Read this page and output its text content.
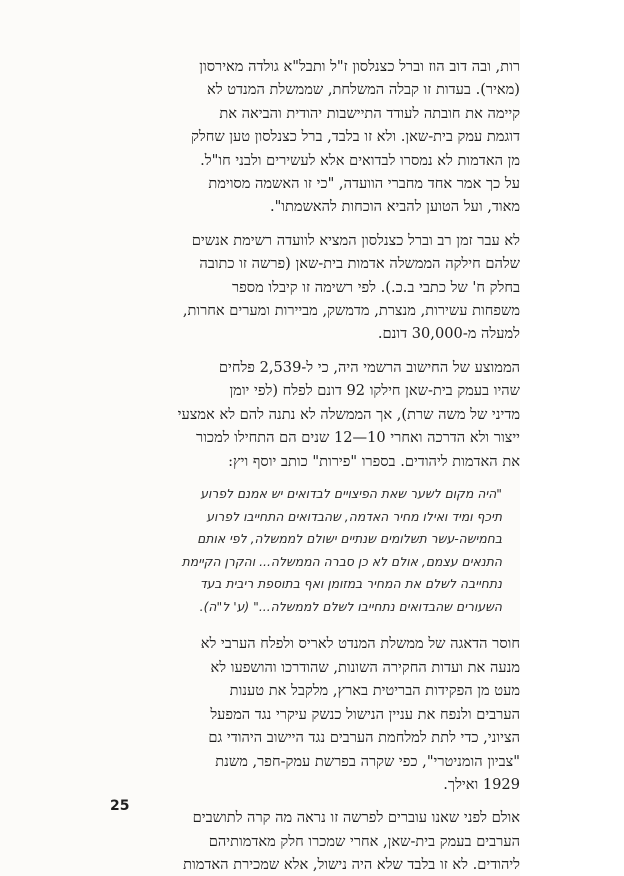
רות, ובה דוב הוז וברל כצנלסון ז"ל ותבל"א גולדה מאירסון
(מאיר). בעדות זו קבלה המשלחת, שממשלת המנדט לא
קיימה את חובתה לעודד התיישבות יהודית והביאה את
דוגמת עמק בית-שאן. ולא זו בלבד, ברל כצנלסון טען שחלק
מן האדמות לא נמסרו לבדואים אלא לעשירים ולבני חו"ל.
על כך אמר אחד מחברי הוועדה, "כי זו האשמה מסוימת
מאוד, ועל הטוען להביא הוכחות להאשמתו".

לא עבר זמן רב וברל כצנלסון המציא לוועדה רשימת אנשים
שלהם חילקה הממשלה אדמות בית-שאן (פרשה זו כתובה
בחלק ח' של כתבי ב.כ.). לפי רשימה זו קיבלו מספר
משפחות עשירות, מנצרת, מדמשק, מביירות ומערים אחרות,
למעלה מ-30,000 דונם.

הממוצע של החישוב הרשמי היה, כי ל-2,539 פלחים
שהיו בעמק בית-שאן חילקו 92 דונם לפלח (לפי יומן
מדיני של משה שרת), אך הממשלה לא נתנה להם לא אמצעי
ייצור ולא הדרכה ואחרי 10—12 שנים הם התחילו למכור
את האדמות ליהודים. בספרו "פירות" כותב יוסף ויץ:

"היה מקום לשער שאת הפיצויים לבדואים יש אמנם לפרוע
תיכף ומיד ואילו מחיר האדמה, שהבדואים התחייבו לפרוע
בחמישה-עשר תשלומים שנתיים ישולם לממשלה, לפי אותם
התנאים עצמם, אולם לא כן סברה הממשלה... והקרן הקיימת
נתחייבה לשלם את המחיר במזומן ואף בתוספת ריבית בעד
השעורים שהבדואים נתחייבו לשלם לממשלה..." (ע' ל"ה).

חוסר הדאגה של ממשלת המנדט לאריס ולפלח הערבי לא
מנעה את ועדות החקירה השונות, שהודרכו והושפעו לא
מעט מן הפקידות הבריטית בארץ, מלקבל את טענות
הערבים ולנפח את עניין הנישול כנשק עיקרי נגד המפעל
הציוני, כדי לתת למלחמת הערבים נגד היישוב היהודי גם
"צביון הומניטרי", כפי שקרה בפרשת עמק-חפר, משנת
1929 ואילך.

אולם לפני שאנו עוברים לפרשה זו נראה מה קרה לתושבים
הערבים בעמק בית-שאן, אחרי שמכרו חלק מאדמותיהם
ליהודים. לא זו בלבד שלא היה נישול, אלא שמכירת האדמות

25
